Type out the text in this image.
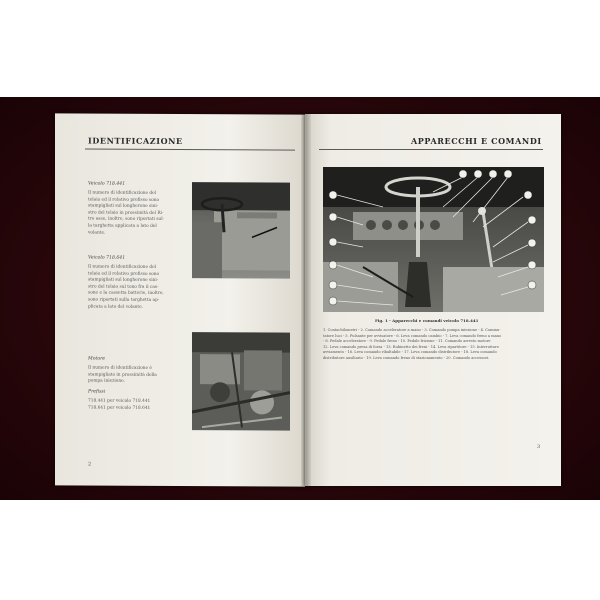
IDENTIFICAZIONE
Veicolo 718.441
Il numero di identificazione del
telaio ed il relativo prefisso sono
stampigliati sul longherone sini-
stro del telaio in prossimità del Ri-
tro asse, inoltre, sono riportati sul-
la targhetta applicata a lato del
volante.
Veicolo 718.641
Il numero di identificazione del
telaio ed il relativo prefisso sono
stampigliati sul longherone sini-
stro del telaio sul tono fra il cas-
sone e la cassetta batterie, inoltre,
sono riportati sulla targhetta ap-
plicata a lato del volante.
Motore
Il numero di identificazione è
stampigliato in prossimità della
pompa iniezione.
Prefissi
718.441 per veicolo 718.441
718.641 per veicolo 718.641
2
APPARECCHI E COMANDI
Fig. 1 - Apparecchi e comandi veicolo 718.441
1. Contachilometri - 2. Comando acceleratore a mano - 3. Comando pompa iniezione - 4. Commu-
tatore luci - 5. Pulsante per avvisatore - 6. Leva comando cambio - 7. Leva comando freno a mano
- 8. Pedale acceleratore - 9. Pedale freno - 10. Pedale frizione - 11. Comando arresto motore
12. Leva comando presa di forza - 13. Rubinetto dei freni - 14. Leva ripartitore - 15. Interruttore
avviamento - 16. Leva comando ribaltabile - 17. Leva comando distributore - 18. Leva comando
distributore ausiliario - 19. Leva comando freno di stazionamento - 20. Comando accessori.
3
